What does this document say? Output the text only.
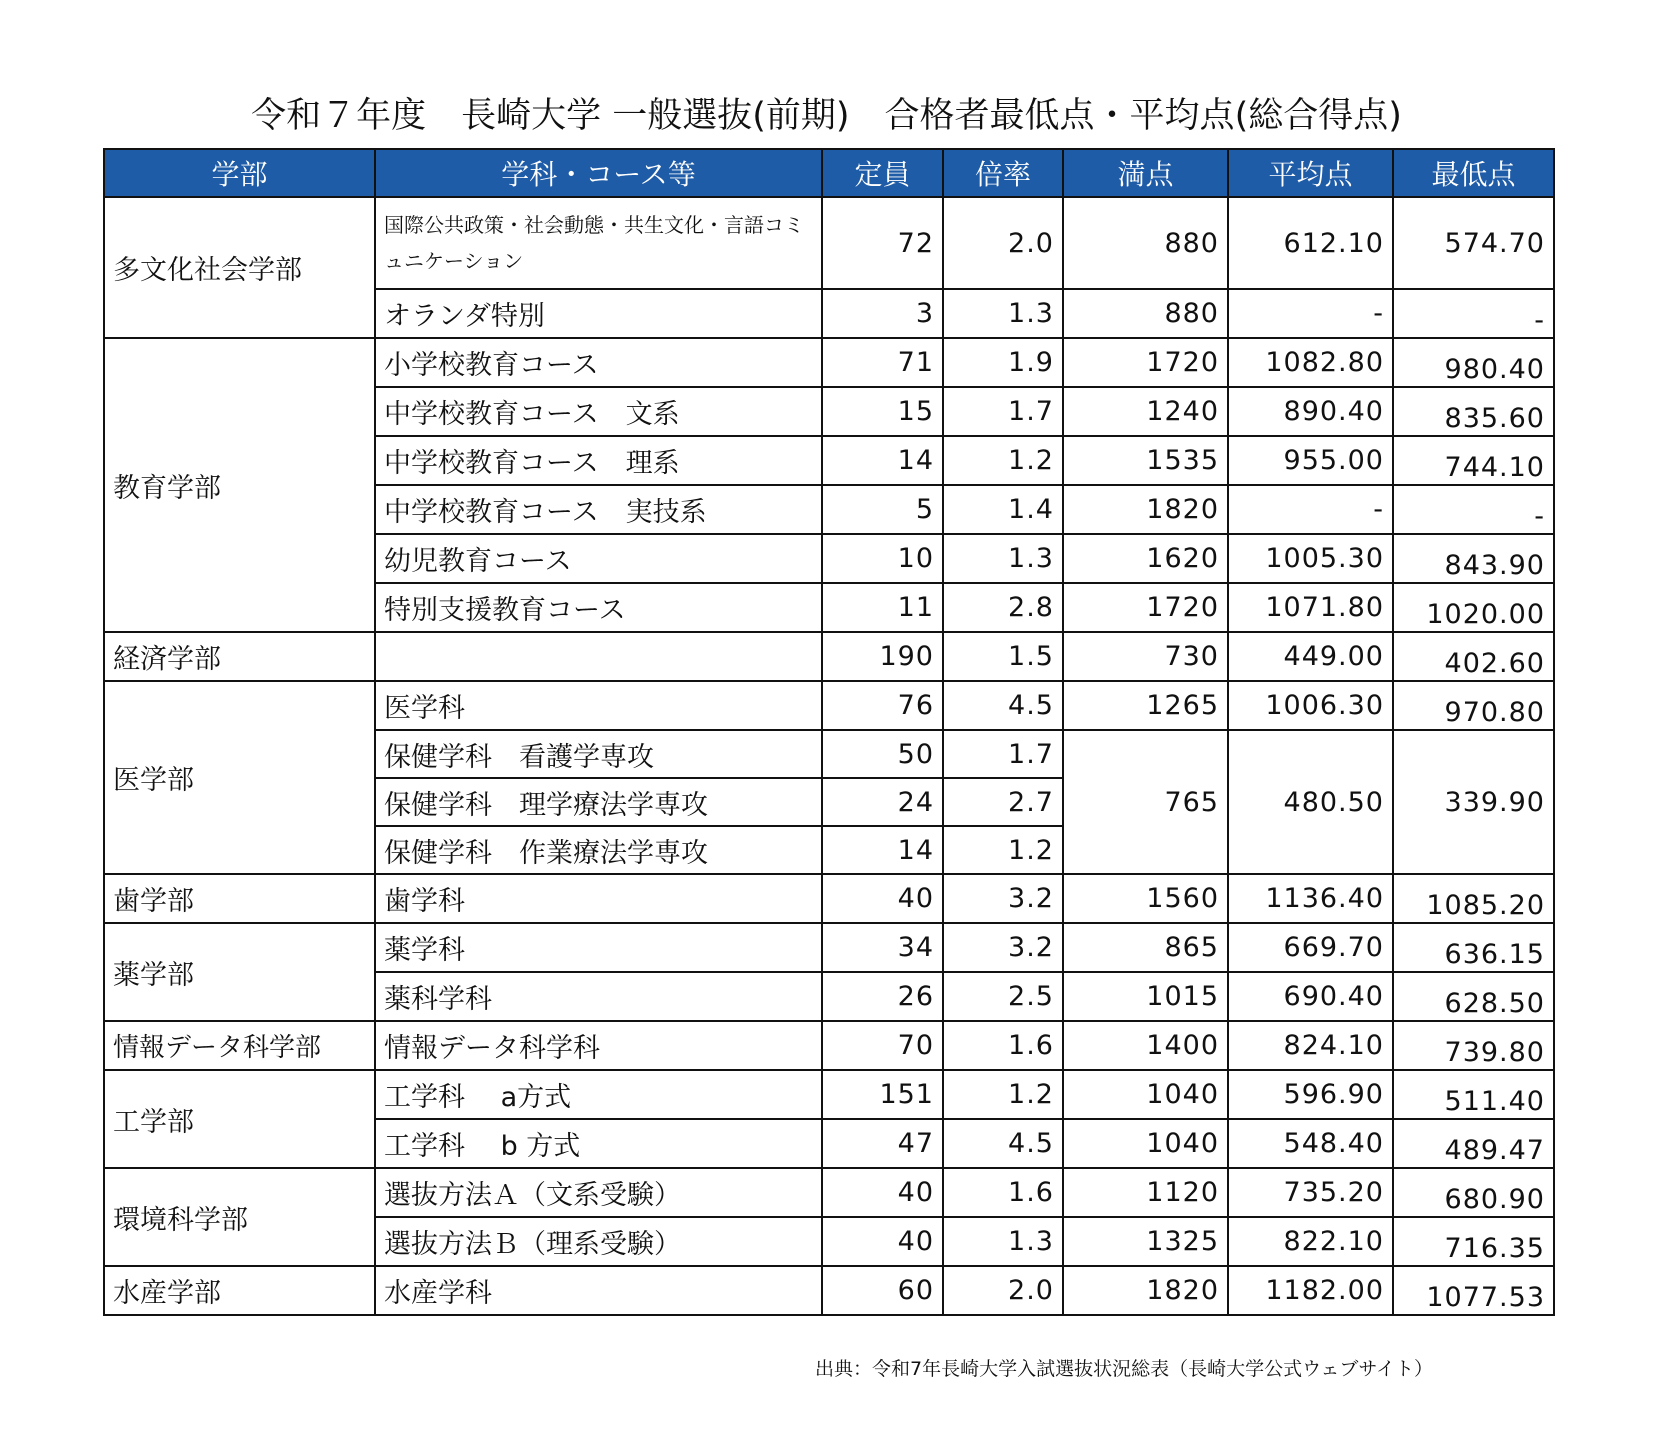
令和７年度　長崎大学 一般選抜(前期)　合格者最低点・平均点(総合得点)
学部	学科・コース等	定員	倍率	満点	平均点	最低点
多文化社会学部	国際公共政策・社会動態・共生文化・言語コミュニケーション	72	2.0	880	612.10	574.70
	オランダ特別	3	1.3	880	-	-
教育学部	小学校教育コース	71	1.9	1720	1082.80	980.40
	中学校教育コース　文系	15	1.7	1240	890.40	835.60
	中学校教育コース　理系	14	1.2	1535	955.00	744.10
	中学校教育コース　実技系	5	1.4	1820	-	-
	幼児教育コース	10	1.3	1620	1005.30	843.90
	特別支援教育コース	11	2.8	1720	1071.80	1020.00
経済学部		190	1.5	730	449.00	402.60
医学部	医学科	76	4.5	1265	1006.30	970.80
	保健学科　看護学専攻	50	1.7	765	480.50	339.90
	保健学科　理学療法学専攻	24	2.7			
	保健学科　作業療法学専攻	14	1.2			
歯学部	歯学科	40	3.2	1560	1136.40	1085.20
薬学部	薬学科	34	3.2	865	669.70	636.15
	薬科学科	26	2.5	1015	690.40	628.50
情報データ科学部	情報データ科学科	70	1.6	1400	824.10	739.80
工学部	工学科　 a方式	151	1.2	1040	596.90	511.40
	工学科　 b 方式	47	4.5	1040	548.40	489.47
環境科学部	選抜方法Ａ（文系受験）	40	1.6	1120	735.20	680.90
	選抜方法Ｂ（理系受験）	40	1.3	1325	822.10	716.35
水産学部	水産学科	60	2.0	1820	1182.00	1077.53
出典：令和7年長崎大学入試選抜状況総表（長崎大学公式ウェブサイト）
